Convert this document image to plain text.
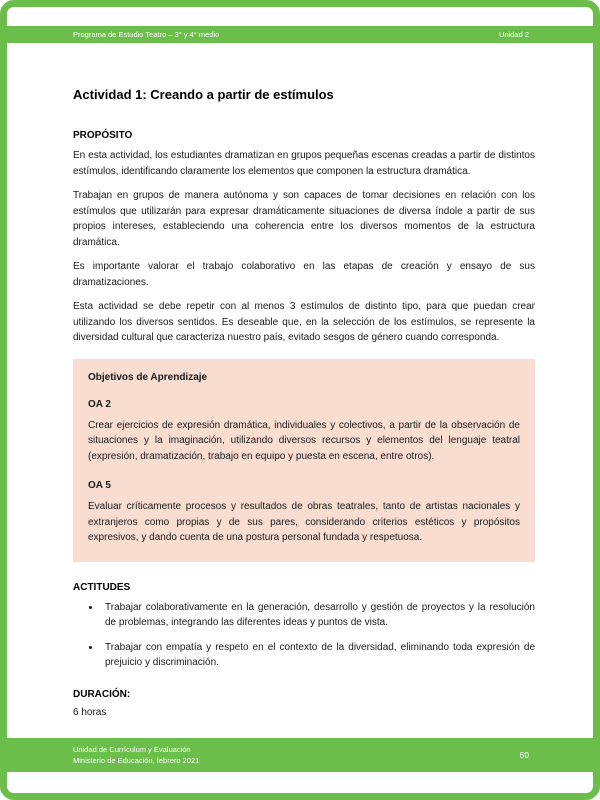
Programa de Estudio Teatro – 3° y 4° medio	Unidad 2
Actividad 1: Creando a partir de estímulos
PROPÓSITO

En esta actividad, los estudiantes dramatizan en grupos pequeñas escenas creadas a partir de distintos estímulos, identificando claramente los elementos que componen la estructura dramática.

Trabajan en grupos de manera autónoma y son capaces de tomar decisiones en relación con los estímulos que utilizarán para expresar dramáticamente situaciones de diversa índole a partir de sus propios intereses, estableciendo una coherencia entre los diversos momentos de la estructura dramática.

Es importante valorar el trabajo colaborativo en las etapas de creación y ensayo de sus dramatizaciones.

Esta actividad se debe repetir con al menos 3 estímulos de distinto tipo, para que puedan crear utilizando los diversos sentidos. Es deseable que, en la selección de los estímulos, se represente la diversidad cultural que caracteriza nuestro país, evitado sesgos de género cuando corresponda.

Objetivos de Aprendizaje
OA 2

Crear ejercicios de expresión dramática, individuales y colectivos, a partir de la observación de situaciones y la imaginación, utilizando diversos recursos y elementos del lenguaje teatral (expresión, dramatización, trabajo en equipo y puesta en escena, entre otros).

OA 5

Evaluar críticamente procesos y resultados de obras teatrales, tanto de artistas nacionales y extranjeros como propias y de sus pares, considerando criterios estéticos y propósitos expresivos, y dando cuenta de una postura personal fundada y respetuosa.

ACTITUDES
• Trabajar colaborativamente en la generación, desarrollo y gestión de proyectos y la resolución de problemas, integrando las diferentes ideas y puntos de vista.
• Trabajar con empatía y respeto en el contexto de la diversidad, eliminando toda expresión de prejuicio y discriminación.
DURACIÓN:

6 horas

Unidad de Currículum y Evaluación
Ministerio de Educación, febrero 2021
60
